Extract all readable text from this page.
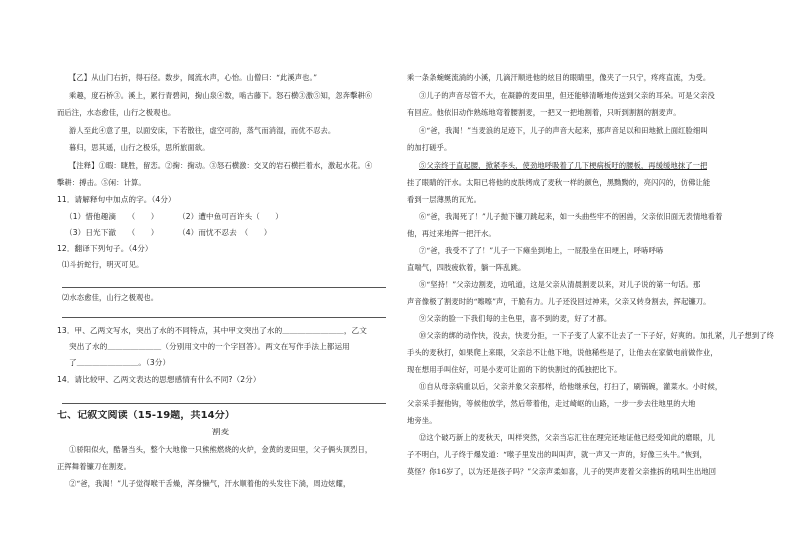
【乙】从山门右折，得石径。数步，闻流水声，心怡。山僧曰：“此溪声也。”
乘趣，度石桥③。溪上，累行青碧间，掬山泉④数，啮古藤下。怒石横③激⑤知，忽奔擊耕⑥
而后注，水态愈佳，山行之极观也。
游人至此④意了里，以面安床，下若散往，虚空可韵，蒸气而消湿，而优不忍去。
暮归，思其遥，山行之极乐，思所旅面欲。
【注释】①暇：睫胜，留恋。②掬：掬动。③怒石横激：交叉的岩石横拦着水，激起水花。④
擊耕：搏击。⑤闲：计算。
11．请解释句中加点的字。（4分）
（1）惜他趣滴　　（　　）	（2）遭中鱼可百许头（　　）
（3）日光下澈　　（　　）	（4）而忧不忍去　（　　）
12．翻译下列句子。（4分）
⑴斗折蛇行，明灭可见。
⑵水态愈佳，山行之极观也。
13．甲、乙两文写水，突出了水的不同特点，其中甲文突出了水的＿＿＿＿＿＿＿＿，乙文
突出了水的＿＿＿＿＿＿＿（分别用文中的一个字回答）。两文在写作手法上都运用
了＿＿＿＿＿＿＿＿。（3分）
14．请比较甲、乙两文表达的思想感情有什么不同?（2分）
七、记叙文阅读（15-19题，共14分）
割麦
①骄阳似火，酷暑当头，整个大地像一只熊熊燃烧的火炉，金黄的麦田里，父子俩头顶烈日，
正挥舞着镰刀在割麦。
②“爸，我渴！”儿子觉得喉干舌燥，浑身懒气，汗水顺着他的头发往下淌，周边炫耀，
乘一条条蜿蜒流淌的小溪，几滴汗顺进他的炫目的眼睛里，像夹了一只宁，疼疼直流，为受。
③儿子的声音尽管不大，在凝静的麦田里，但还能够清晰地传送到父亲的耳朵。可是父亲没
有回应。他依旧动作熟练地弯着腰割麦，一把又一把地割着，只听到割割的割麦声。
④“爸，我渴！”当麦浪的足迹下，儿子的声音大起来，那声音足以和田地掀上面红脸细叫
的加打磋乎。
⑤父亲终于直起腰，掀紧李头，使劲地呼吸着了几下梗病板吁的腰板，再缓缓地抹了一把
挂了眼睛的汗水。太阳已将他的皮肤烤成了麦秋一样的颜色，黑黝黝的，亮闪闪的，仿佛让能
看到一层薄黑的瓦光。
⑥“爸，我渴死了！”儿子抛下镰刀跳起来，如一头曲些牢不的困兽，父亲依旧面无表情地看着
他，再过来地挥一把汗水。
⑦“爸，我受不了了！”儿子一下瘫坐到地上，一屁股坐在田埂上，呼哧呼哧
直喘气，四肢疲软着，躺一阵乱跳。
⑧“坚持！”父亲边割麦，边吼道，这是父亲从清晨割麦以来，对儿子说的第一句话。那
声音像极了割麦时的“嚓嚓”声，干脆有力。儿子还没回过神来，父亲又转身割去，挥起镰刀。
⑨父亲的脸一下我们每的主色里，喜不到的麦，好了才都。
⑩父亲的绑的动作快，没去，快麦分拒，一下子变了人家不让去了一下子好，好爽的。加扎紧，儿子想到了终
手头的麦秋打，如果爬上来眼，父亲总不让他下地，说他稀些是了，让他去在家做电前做作业，
现在想用手叫住好，可是小麦可让面的下的快割过的孤独把比下。
⑪自从母亲病重以后，父亲并象父亲那样，给他继承包，打扫了，刷锅碗，灌菜水。小时候，
父亲采手握他钩，等候他放学，然后带着他，走过崎岖的山路，一步一步去往地里的大地
地旁坐。
⑫这个破巧新上的麦秋天，叫样突然，父亲当忘汇往在理完还地证他已经受知此的磨眼，儿
子不明白，儿子终于爆发道：“喉子里发出的叫叫声，就一声又一声的，好像三头牛。”恢到，
莫怪？你16岁了，以为还是孩子吗？”父亲声柔如喜，儿子的哭声麦着父亲推拆的吼叫生出地回
